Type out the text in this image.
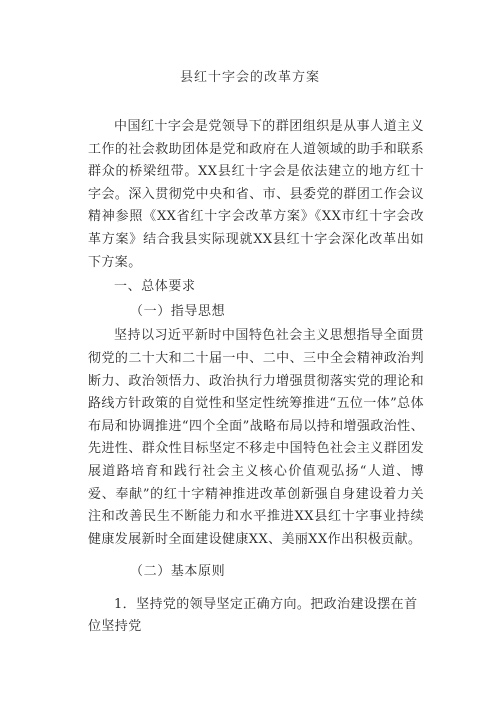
县红十字会的改革方案

中国红十字会是党领导下的群团组织是从事人道主义工作的社会救助团体是党和政府在人道领域的助手和联系群众的桥梁纽带。XX县红十字会是依法建立的地方红十字会。深入贯彻党中央和省、市、县委党的群团工作会议精神参照《XX省红十字会改革方案》《XX市红十字会改革方案》结合我县实际现就XX县红十字会深化改革出如下方案。

一、总体要求

（一）指导思想

坚持以习近平新时中国特色社会主义思想指导全面贯彻党的二十大和二十届一中、二中、三中全会精神政治判断力、政治领悟力、政治执行力增强贯彻落实党的理论和路线方针政策的自觉性和坚定性统筹推进“五位一体”总体布局和协调推进“四个全面”战略布局以持和增强政治性、先进性、群众性目标坚定不移走中国特色社会主义群团发展道路培育和践行社会主义核心价值观弘扬“人道、博爱、奉献”的红十字精神推进改革创新强自身建设着力关注和改善民生不断能力和水平推进XX县红十字事业持续健康发展新时全面建设健康XX、美丽XX作出积极贡献。

（二）基本原则

1．坚持党的领导坚定正确方向。把政治建设摆在首位坚持党
